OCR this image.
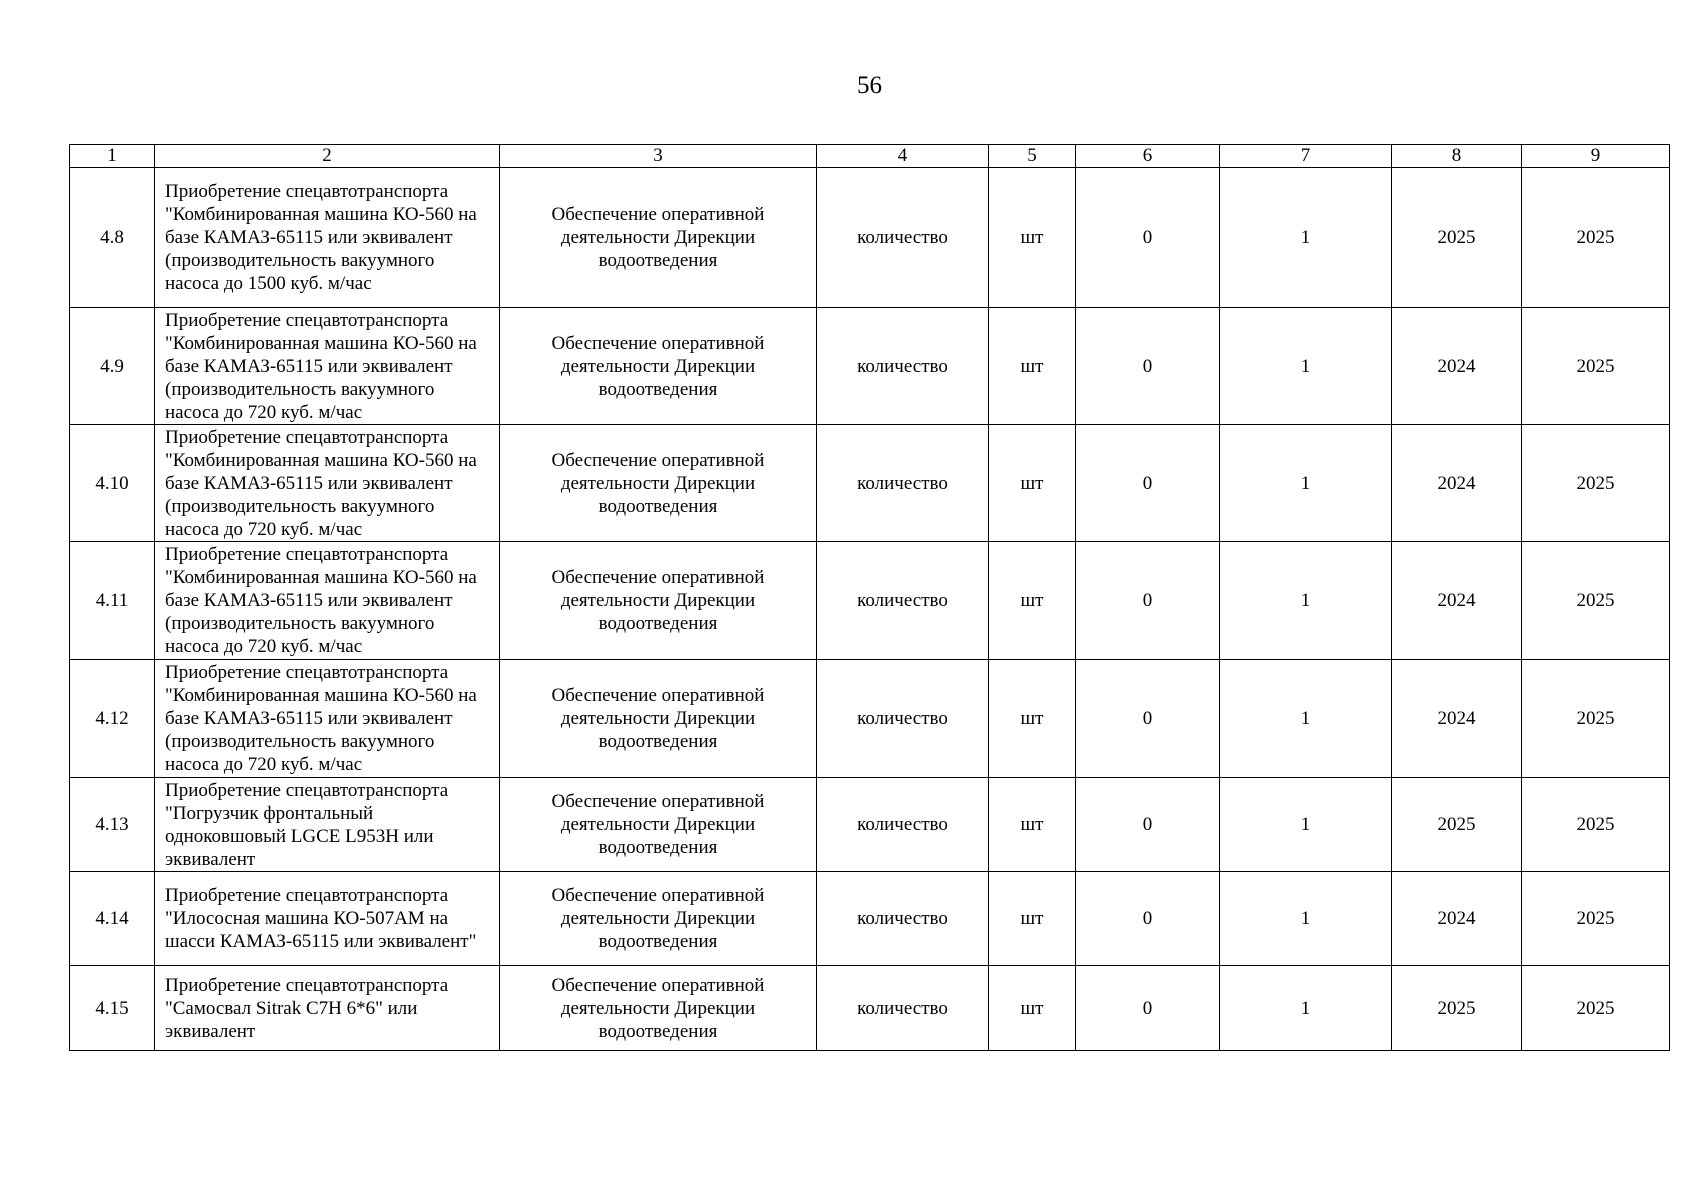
56
1	2	3	4	5	6	7	8	9
4.8	Приобретение спецавтотранспорта "Комбинированная машина КО-560 на базе КАМАЗ-65115 или эквивалент (производительность вакуумного насоса до 1500 куб. м/час	Обеспечение оперативной деятельности Дирекции водоотведения	количество	шт	0	1	2025	2025
4.9	Приобретение спецавтотранспорта "Комбинированная машина КО-560 на базе КАМАЗ-65115 или эквивалент (производительность вакуумного насоса до 720 куб. м/час	Обеспечение оперативной деятельности Дирекции водоотведения	количество	шт	0	1	2024	2025
4.10	Приобретение спецавтотранспорта "Комбинированная машина КО-560 на базе КАМАЗ-65115 или эквивалент (производительность вакуумного насоса до 720 куб. м/час	Обеспечение оперативной деятельности Дирекции водоотведения	количество	шт	0	1	2024	2025
4.11	Приобретение спецавтотранспорта "Комбинированная машина КО-560 на базе КАМАЗ-65115 или эквивалент (производительность вакуумного насоса до 720 куб. м/час	Обеспечение оперативной деятельности Дирекции водоотведения	количество	шт	0	1	2024	2025
4.12	Приобретение спецавтотранспорта "Комбинированная машина КО-560 на базе КАМАЗ-65115 или эквивалент (производительность вакуумного насоса до 720 куб. м/час	Обеспечение оперативной деятельности Дирекции водоотведения	количество	шт	0	1	2024	2025
4.13	Приобретение спецавтотранспорта "Погрузчик фронтальный одноковшовый LGCE L953H или эквивалент	Обеспечение оперативной деятельности Дирекции водоотведения	количество	шт	0	1	2025	2025
4.14	Приобретение спецавтотранспорта "Илососная машина КО-507АМ на шасси КАМАЗ-65115 или эквивалент"	Обеспечение оперативной деятельности Дирекции водоотведения	количество	шт	0	1	2024	2025
4.15	Приобретение спецавтотранспорта "Самосвал Sitrak C7H 6*6" или эквивалент	Обеспечение оперативной деятельности Дирекции водоотведения	количество	шт	0	1	2025	2025
